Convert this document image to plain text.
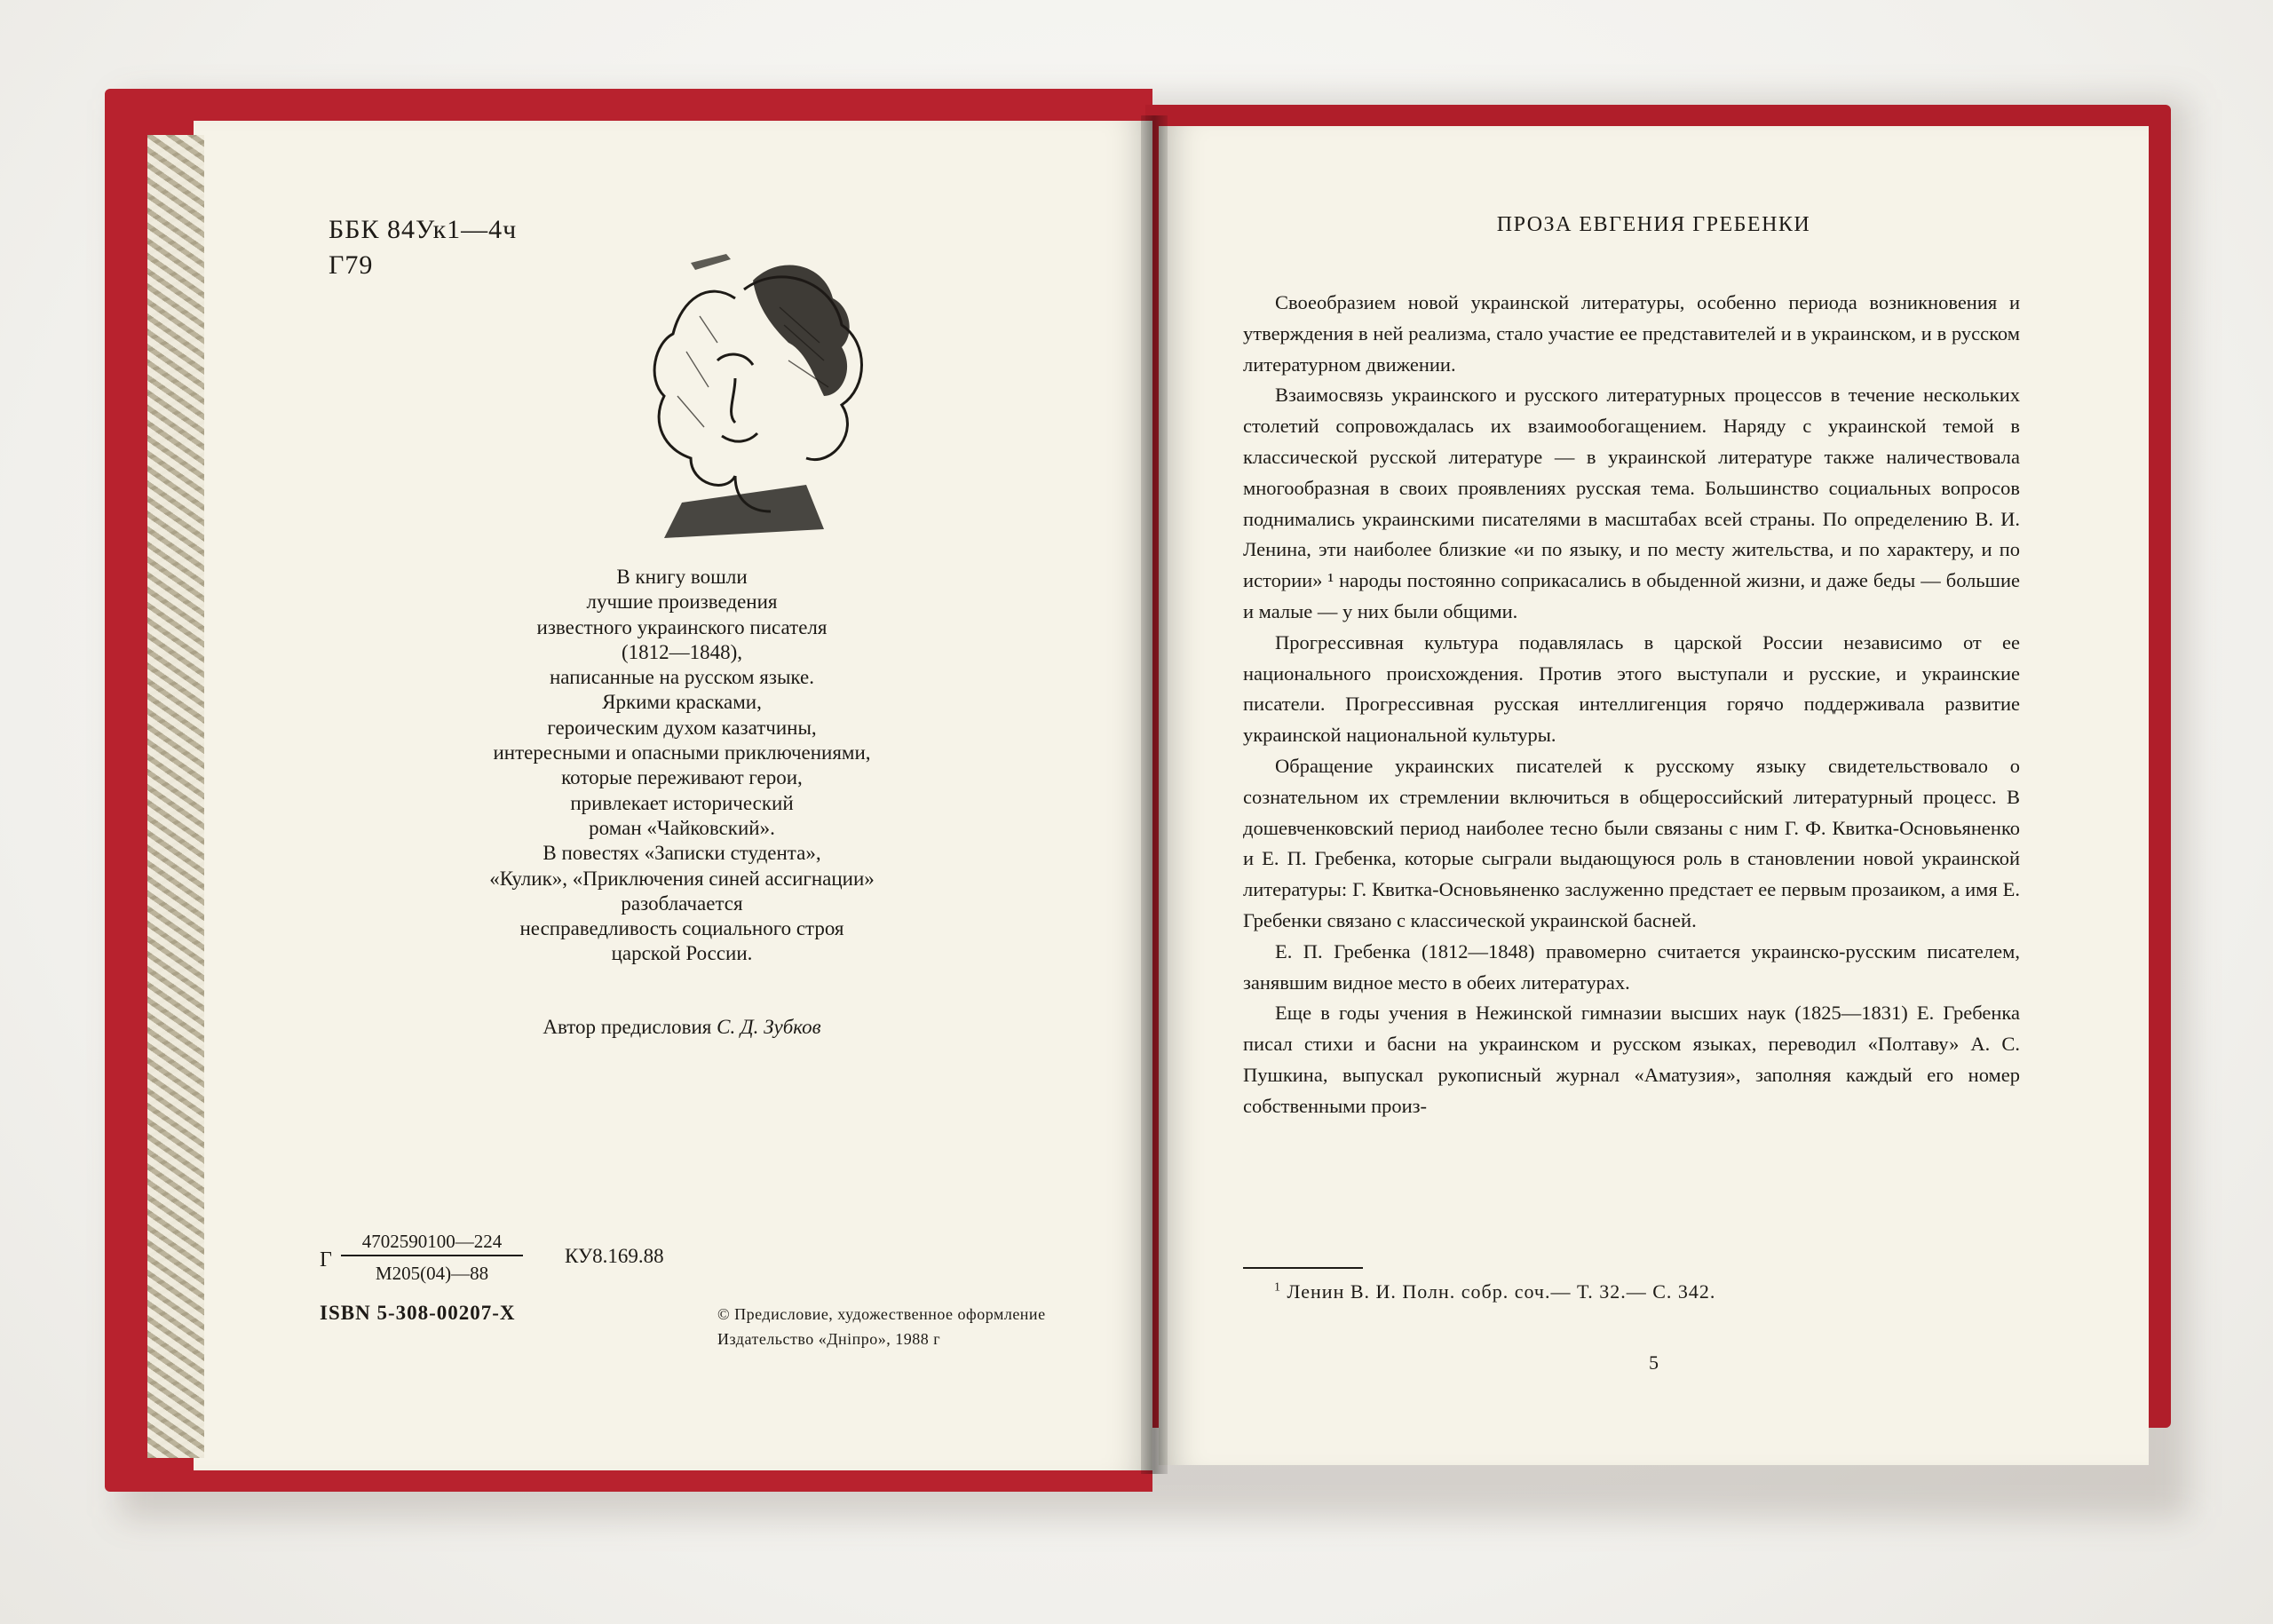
ББК 84Ук1—4ч
Г79
В книгу вошли
лучшие произведения
известного украинского писателя
(1812—1848),
написанные на русском языке.
Яркими красками,
героическим духом казатчины,
интересными и опасными приключениями,
которые переживают герои,
привлекает исторический
роман «Чайковский».
В повестях «Записки студента»,
«Кулик», «Приключения синей ассигнации»
разоблачается
несправедливость социального строя
царской России.
Автор предисловия С. Д. Зубков
Г
4702590100—224
М205(04)—88
КУ8.169.88
ISBN 5-308-00207-X	© Предисловие, художественное оформление
Издательство «Дніпро», 1988 г
ПРОЗА ЕВГЕНИЯ ГРЕБЕНКИ

Своеобразием новой украинской литературы, особенно периода возникновения и утверждения в ней реализма, стало участие ее представителей и в украинском, и в русском литературном движении.

Взаимосвязь украинского и русского литературных процессов в течение нескольких столетий сопровождалась их взаимообогащением. Наряду с украинской темой в классической русской литературе — в украинской литературе также наличествовала многообразная в своих проявлениях русская тема. Большинство социальных вопросов поднимались украинскими писателями в масштабах всей страны. По определению В. И. Ленина, эти наиболее близкие «и по языку, и по месту жительства, и по характеру, и по истории» ¹ народы постоянно соприкасались в обыденной жизни, и даже беды — большие и малые — у них были общими.

Прогрессивная культура подавлялась в царской России независимо от ее национального происхождения. Против этого выступали и русские, и украинские писатели. Прогрессивная русская интеллигенция горячо поддерживала развитие украинской национальной культуры.

Обращение украинских писателей к русскому языку свидетельствовало о сознательном их стремлении включиться в общероссийский литературный процесс. В дошевченковский период наиболее тесно были связаны с ним Г. Ф. Квитка-Основьяненко и Е. П. Гребенка, которые сыграли выдающуюся роль в становлении новой украинской литературы: Г. Квитка-Основьяненко заслуженно предстает ее первым прозаиком, а имя Е. Гребенки связано с классической украинской басней.

Е. П. Гребенка (1812—1848) правомерно считается украинско-русским писателем, занявшим видное место в обеих литературах.

Еще в годы учения в Нежинской гимназии высших наук (1825—1831) Е. Гребенка писал стихи и басни на украинском и русском языках, переводил «Полтаву» А. С. Пушкина, выпускал рукописный журнал «Аматузия», заполняя каждый его номер собственными произ-

$^1$ Ленин В. И. Полн. собр. соч.— Т. 32.— С. 342.
5
